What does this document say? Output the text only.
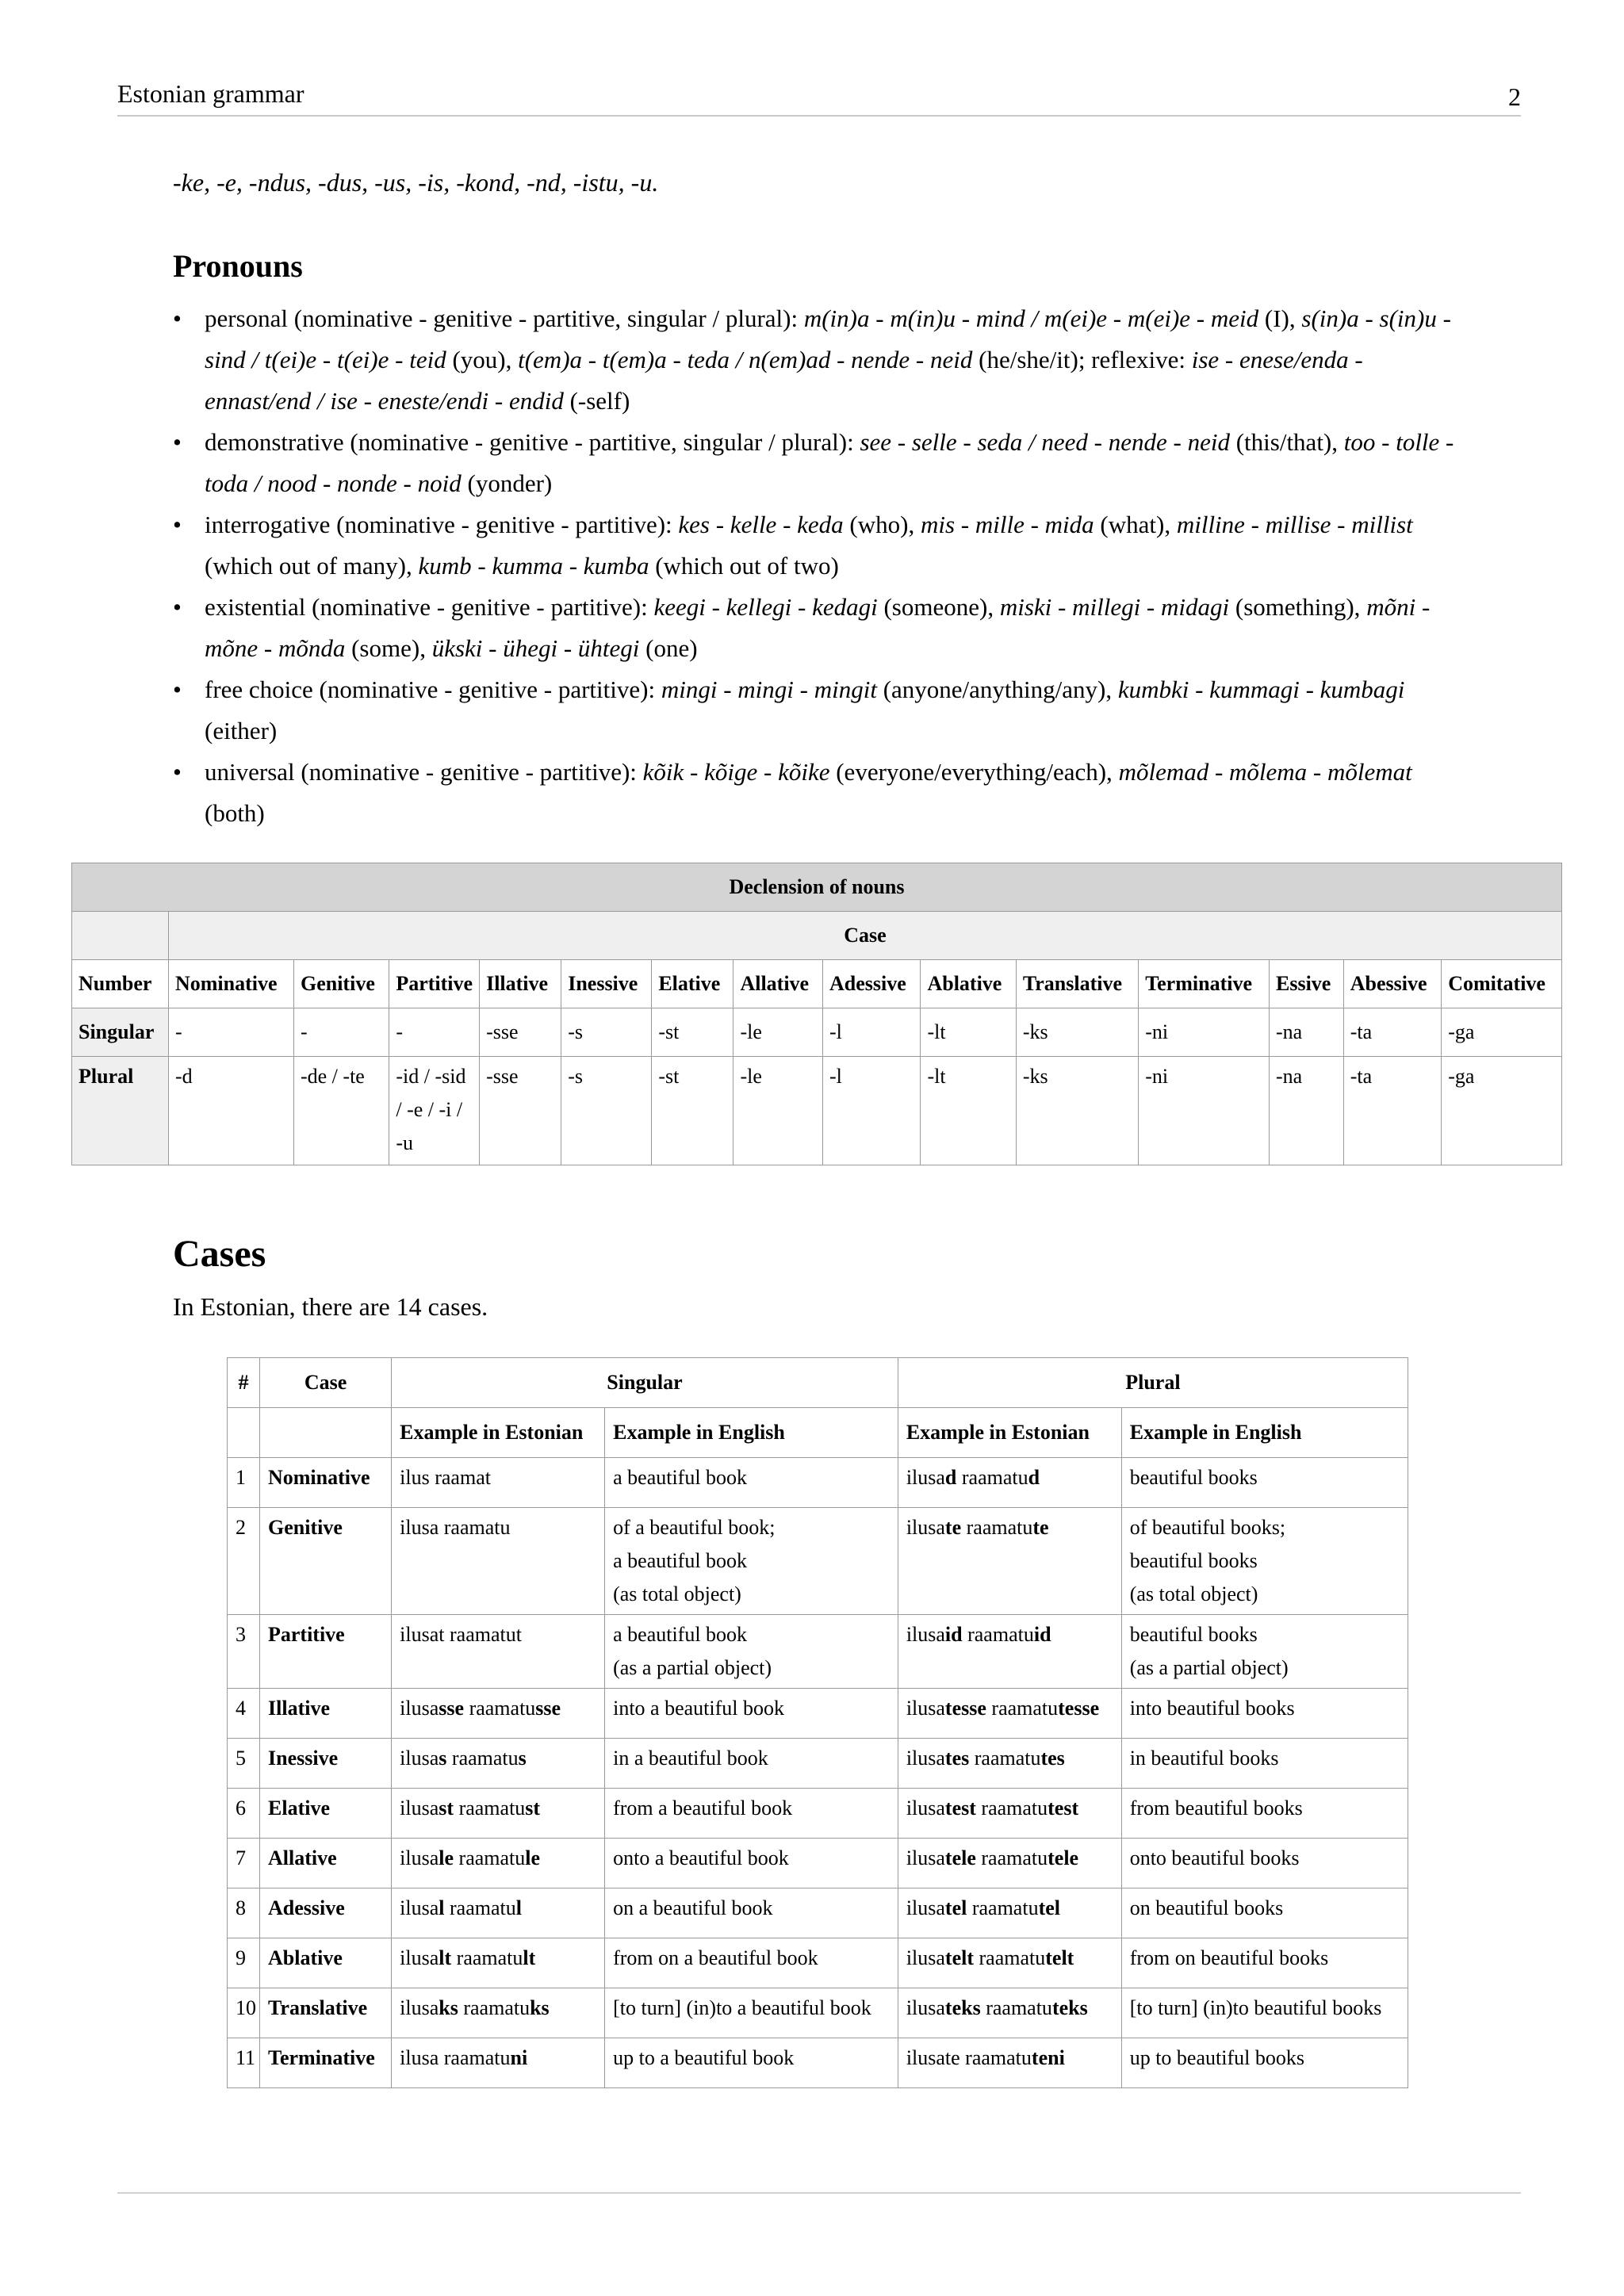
Estonian grammar	2
-ke, -e, -ndus, -dus, -us, -is, -kond, -nd, -istu, -u.
Pronouns
• personal (nominative - genitive - partitive, singular / plural): m(in)a - m(in)u - mind / m(ei)e - m(ei)e - meid (I), s(in)a - s(in)u - sind / t(ei)e - t(ei)e - teid (you), t(em)a - t(em)a - teda / n(em)ad - nende - neid (he/she/it); reflexive: ise - enese/enda - ennast/end / ise - eneste/endi - endid (-self)
• demonstrative (nominative - genitive - partitive, singular / plural): see - selle - seda / need - nende - neid (this/that), too - tolle - toda / nood - nonde - noid (yonder)
• interrogative (nominative - genitive - partitive): kes - kelle - keda (who), mis - mille - mida (what), milline - millise - millist (which out of many), kumb - kumma - kumba (which out of two)
• existential (nominative - genitive - partitive): keegi - kellegi - kedagi (someone), miski - millegi - midagi (something), mõni - mõne - mõnda (some), ükski - ühegi - ühtegi (one)
• free choice (nominative - genitive - partitive): mingi - mingi - mingit (anyone/anything/any), kumbki - kummagi - kumbagi (either)
• universal (nominative - genitive - partitive): kõik - kõige - kõike (everyone/everything/each), mõlemad - mõlema - mõlemat (both)
Declension of nouns														
	Case													
Number	Nominative	Genitive	Partitive	Illative	Inessive	Elative	Allative	Adessive	Ablative	Translative	Terminative	Essive	Abessive	Comitative
Singular	-	-	-	-sse	-s	-st	-le	-l	-lt	-ks	-ni	-na	-ta	-ga
Plural	-d	-de / -te	-id / -sid / -e / -i / -u	-sse	-s	-st	-le	-l	-lt	-ks	-ni	-na	-ta	-ga
Cases
In Estonian, there are 14 cases.
#	Case	Singular		Plural	
		Example in Estonian	Example in English	Example in Estonian	Example in English
1	Nominative	ilus raamat	a beautiful book	ilusad raamatud	beautiful books
2	Genitive	ilusa raamatu	of a beautiful book;
a beautiful book
(as total object)	ilusate raamatute	of beautiful books;
beautiful books
(as total object)
3	Partitive	ilusat raamatut	a beautiful book
(as a partial object)	ilusaid raamatuid	beautiful books
(as a partial object)
4	Illative	ilusasse raamatusse	into a beautiful book	ilusatesse raamatutesse	into beautiful books
5	Inessive	ilusas raamatus	in a beautiful book	ilusates raamatutes	in beautiful books
6	Elative	ilusast raamatust	from a beautiful book	ilusatest raamatutest	from beautiful books
7	Allative	ilusale raamatule	onto a beautiful book	ilusatele raamatutele	onto beautiful books
8	Adessive	ilusal raamatul	on a beautiful book	ilusatel raamatutel	on beautiful books
9	Ablative	ilusalt raamatult	from on a beautiful book	ilusatelt raamatutelt	from on beautiful books
10	Translative	ilusaks raamatuks	[to turn] (in)to a beautiful book	ilusateks raamatuteks	[to turn] (in)to beautiful books
11	Terminative	ilusa raamatuni	up to a beautiful book	ilusate raamatuteni	up to beautiful books
